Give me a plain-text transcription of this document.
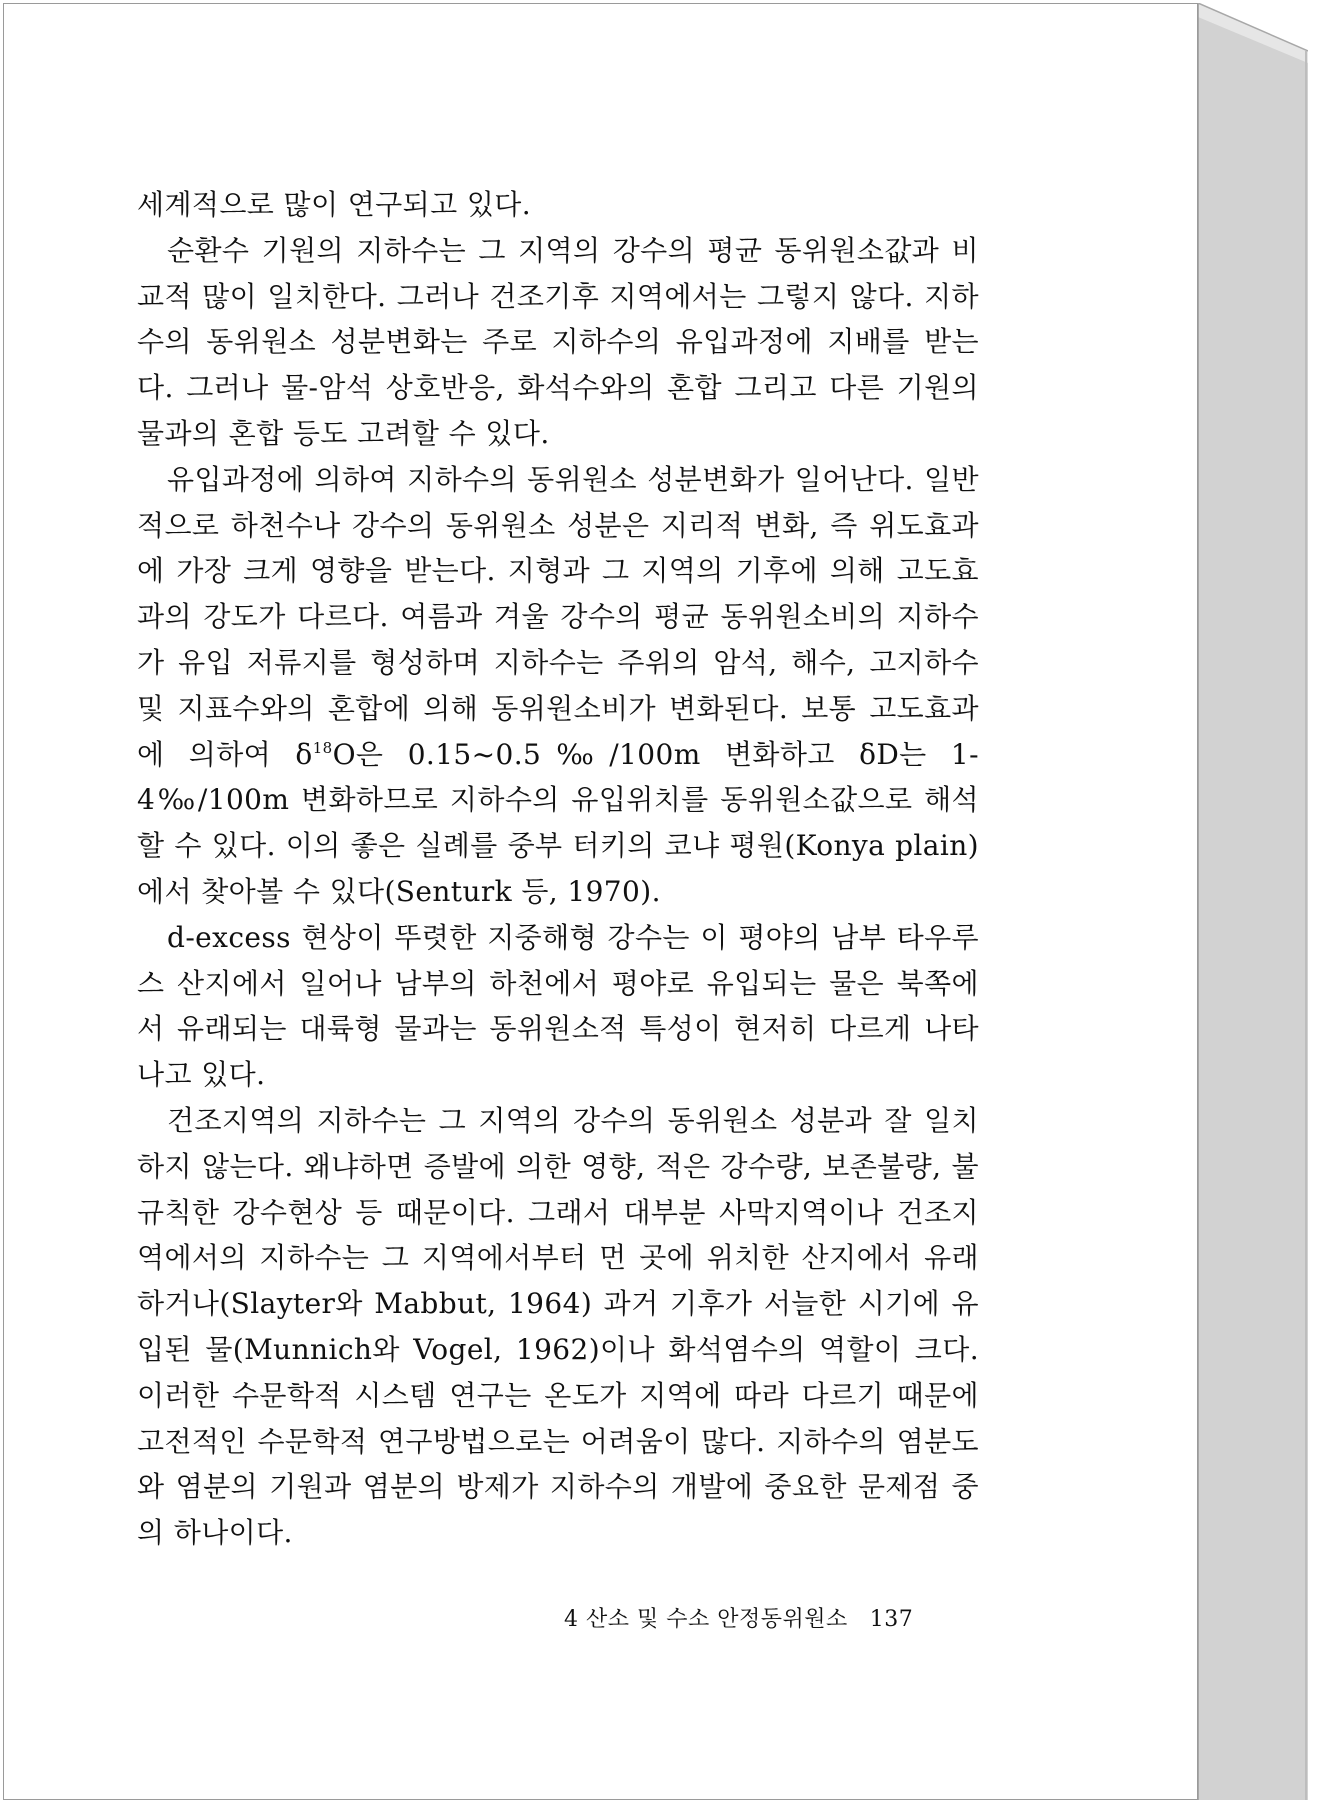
세계적으로 많이 연구되고 있다.

순환수 기원의 지하수는 그 지역의 강수의 평균 동위원소값과 비교적 많이 일치한다. 그러나 건조기후 지역에서는 그렇지 않다. 지하수의 동위원소 성분변화는 주로 지하수의 유입과정에 지배를 받는다. 그러나 물-암석 상호반응, 화석수와의 혼합 그리고 다른 기원의 물과의 혼합 등도 고려할 수 있다.

유입과정에 의하여 지하수의 동위원소 성분변화가 일어난다. 일반적으로 하천수나 강수의 동위원소 성분은 지리적 변화, 즉 위도효과에 가장 크게 영향을 받는다. 지형과 그 지역의 기후에 의해 고도효과의 강도가 다르다. 여름과 겨울 강수의 평균 동위원소비의 지하수가 유입 저류지를 형성하며 지하수는 주위의 암석, 해수, 고지하수 및 지표수와의 혼합에 의해 동위원소비가 변화된다. 보통 고도효과에 의하여 $\delta^{18}O$은 0.15~0.5‰/100m 변화하고 δD는 1-4‰/100m 변화하므로 지하수의 유입위치를 동위원소값으로 해석할 수 있다. 이의 좋은 실례를 중부 터키의 코냐 평원(Konya plain)에서 찾아볼 수 있다(Senturk 등, 1970).

d-excess 현상이 뚜렷한 지중해형 강수는 이 평야의 남부 타우루스 산지에서 일어나 남부의 하천에서 평야로 유입되는 물은 북쪽에서 유래되는 대륙형 물과는 동위원소적 특성이 현저히 다르게 나타나고 있다.

건조지역의 지하수는 그 지역의 강수의 동위원소 성분과 잘 일치하지 않는다. 왜냐하면 증발에 의한 영향, 적은 강수량, 보존불량, 불규칙한 강수현상 등 때문이다. 그래서 대부분 사막지역이나 건조지역에서의 지하수는 그 지역에서부터 먼 곳에 위치한 산지에서 유래하거나(Slayter와 Mabbut, 1964) 과거 기후가 서늘한 시기에 유입된 물(Munnich와 Vogel, 1962)이나 화석염수의 역할이 크다. 이러한 수문학적 시스템 연구는 온도가 지역에 따라 다르기 때문에 고전적인 수문학적 연구방법으로는 어려움이 많다. 지하수의 염분도와 염분의 기원과 염분의 방제가 지하수의 개발에 중요한 문제점 중의 하나이다.

4 산소 및 수소 안정동위원소 137
